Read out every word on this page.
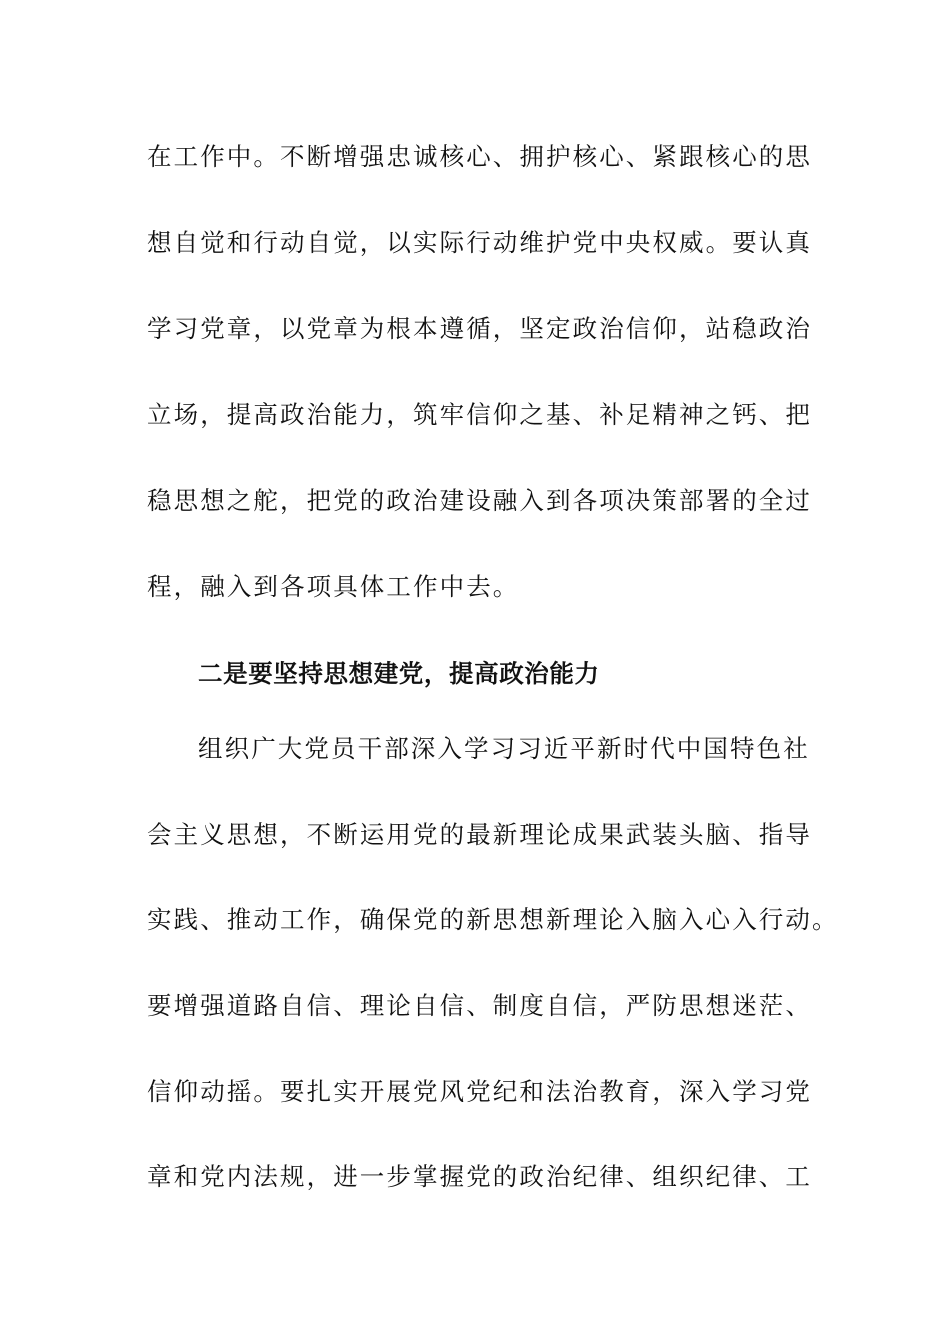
在工作中。不断增强忠诚核心、拥护核心、紧跟核心的思
想自觉和行动自觉，以实际行动维护党中央权威。要认真
学习党章，以党章为根本遵循，坚定政治信仰，站稳政治
立场，提高政治能力，筑牢信仰之基、补足精神之钙、把
稳思想之舵，把党的政治建设融入到各项决策部署的全过
程，融入到各项具体工作中去。
二是要坚持思想建党，提高政治能力
组织广大党员干部深入学习习近平新时代中国特色社
会主义思想，不断运用党的最新理论成果武装头脑、指导
实践、推动工作，确保党的新思想新理论入脑入心入行动。
要增强道路自信、理论自信、制度自信，严防思想迷茫、
信仰动摇。要扎实开展党风党纪和法治教育，深入学习党
章和党内法规，进一步掌握党的政治纪律、组织纪律、工
